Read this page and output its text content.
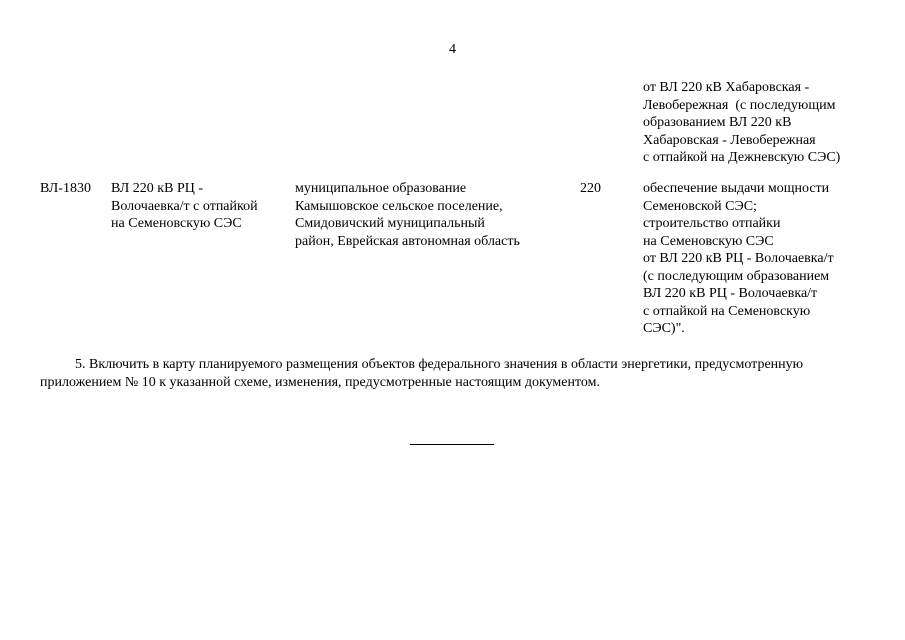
4
от ВЛ 220 кВ Хабаровская -
Левобережная  (с последующим
образованием ВЛ 220 кВ
Хабаровская - Левобережная
с отпайкой на Дежневскую СЭС)
ВЛ-1830 ВЛ 220 кВ РЦ -
Волочаевка/т с отпайкой
на Семеновскую СЭС
муниципальное образование
Камышовское сельское поселение,
Смидовичский муниципальный
район, Еврейская автономная область
220	обеспечение выдачи мощности
Семеновской СЭС;
строительство отпайки
на Семеновскую СЭС
от ВЛ 220 кВ РЦ - Волочаевка/т
(с последующим образованием
ВЛ 220 кВ РЦ - Волочаевка/т
с отпайкой на Семеновскую
СЭС)".
5. Включить в карту планируемого размещения объектов федерального значения в области энергетики, предусмотренную
приложением № 10 к указанной схеме, изменения, предусмотренные настоящим документом.
